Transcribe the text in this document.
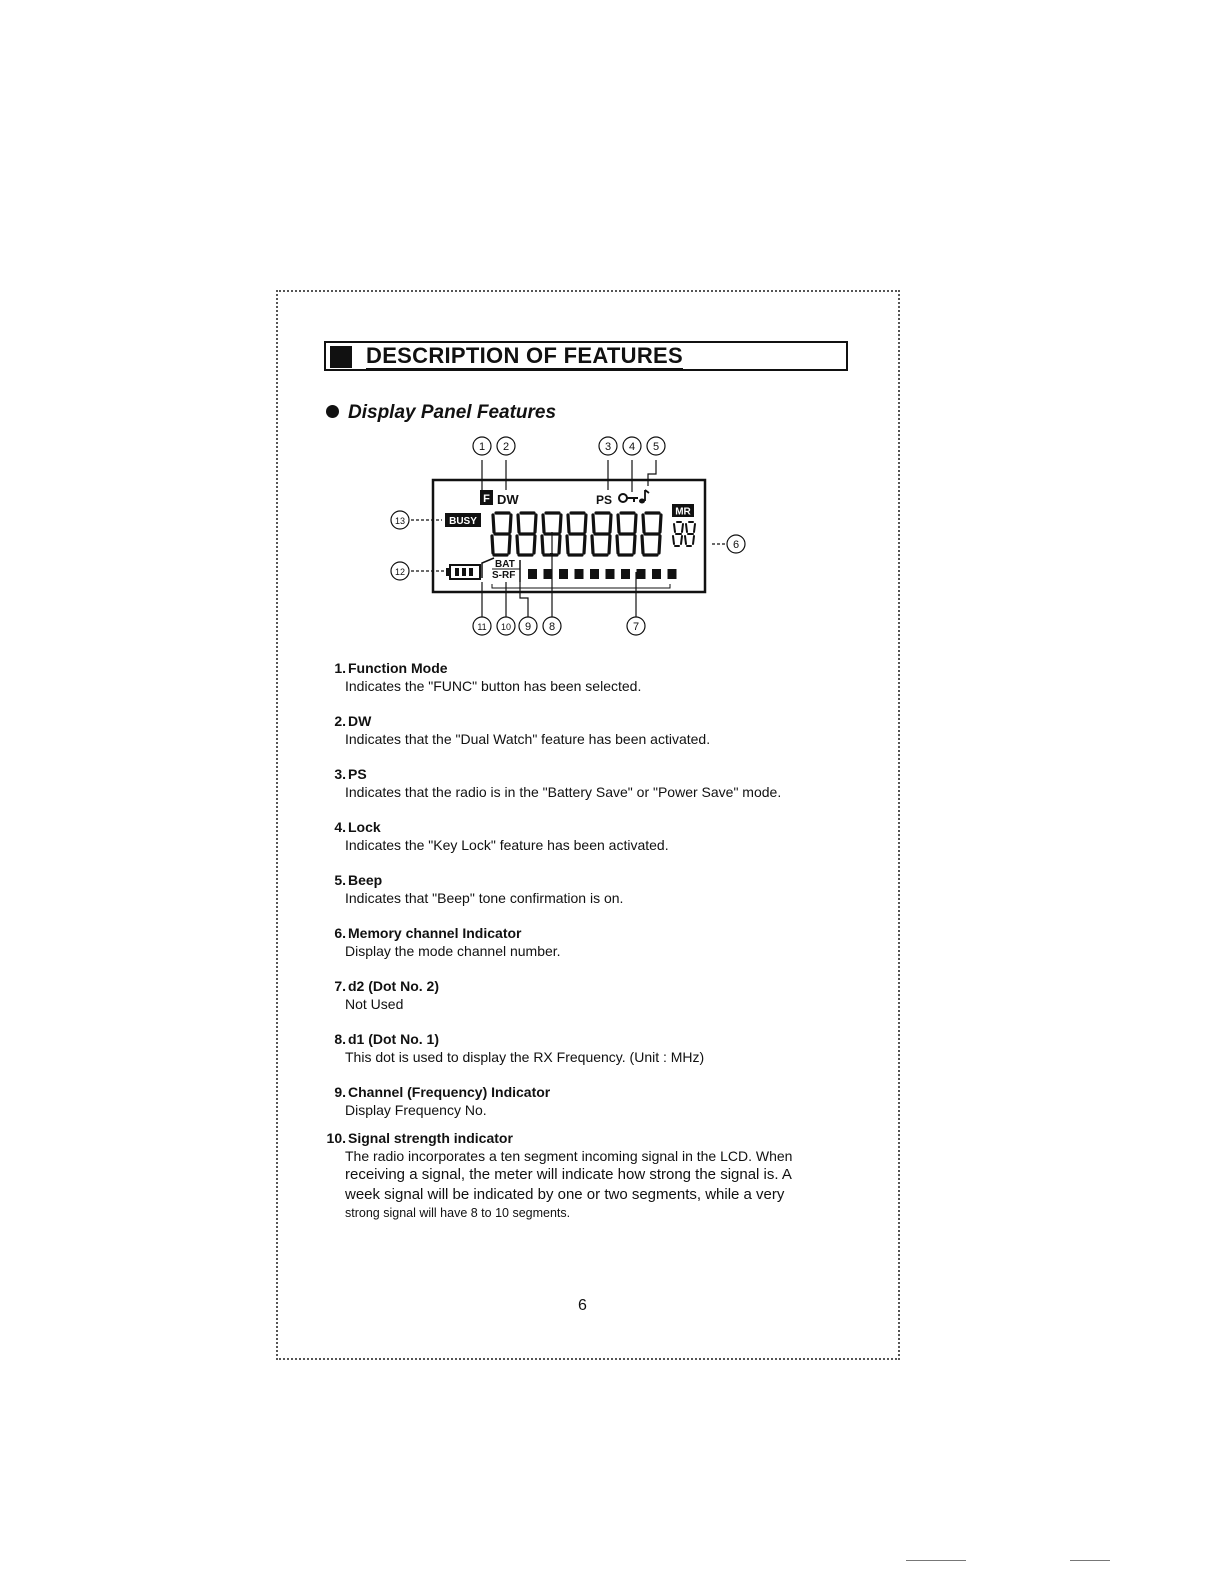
DESCRIPTION OF FEATURES
Display Panel Features
F DW	PS
BUSY
MR
BAT
S-RF
1 2	3 4 5
6
7
8
9
10
11
12
13
1. Function Mode
Indicates the "FUNC" button has been selected.
2. DW
Indicates that the "Dual Watch" feature has been activated.
3. PS
Indicates that the radio is in the "Battery Save" or "Power Save" mode.
4. Lock
Indicates the "Key Lock" feature has been activated.
5. Beep
Indicates that "Beep" tone confirmation is on.
6. Memory channel Indicator
Display the mode channel number.
7. d2 (Dot No. 2)
Not Used
8. d1 (Dot No. 1)
This dot is used to display the RX Frequency. (Unit : MHz)
9. Channel (Frequency) Indicator
Display Frequency No.
10. Signal strength indicator
The radio incorporates a ten segment incoming signal in the LCD. When
receiving a signal, the meter will indicate how strong the signal is. A
week signal will be indicated by one or two segments, while a very
strong signal will have 8 to 10 segments.
6
